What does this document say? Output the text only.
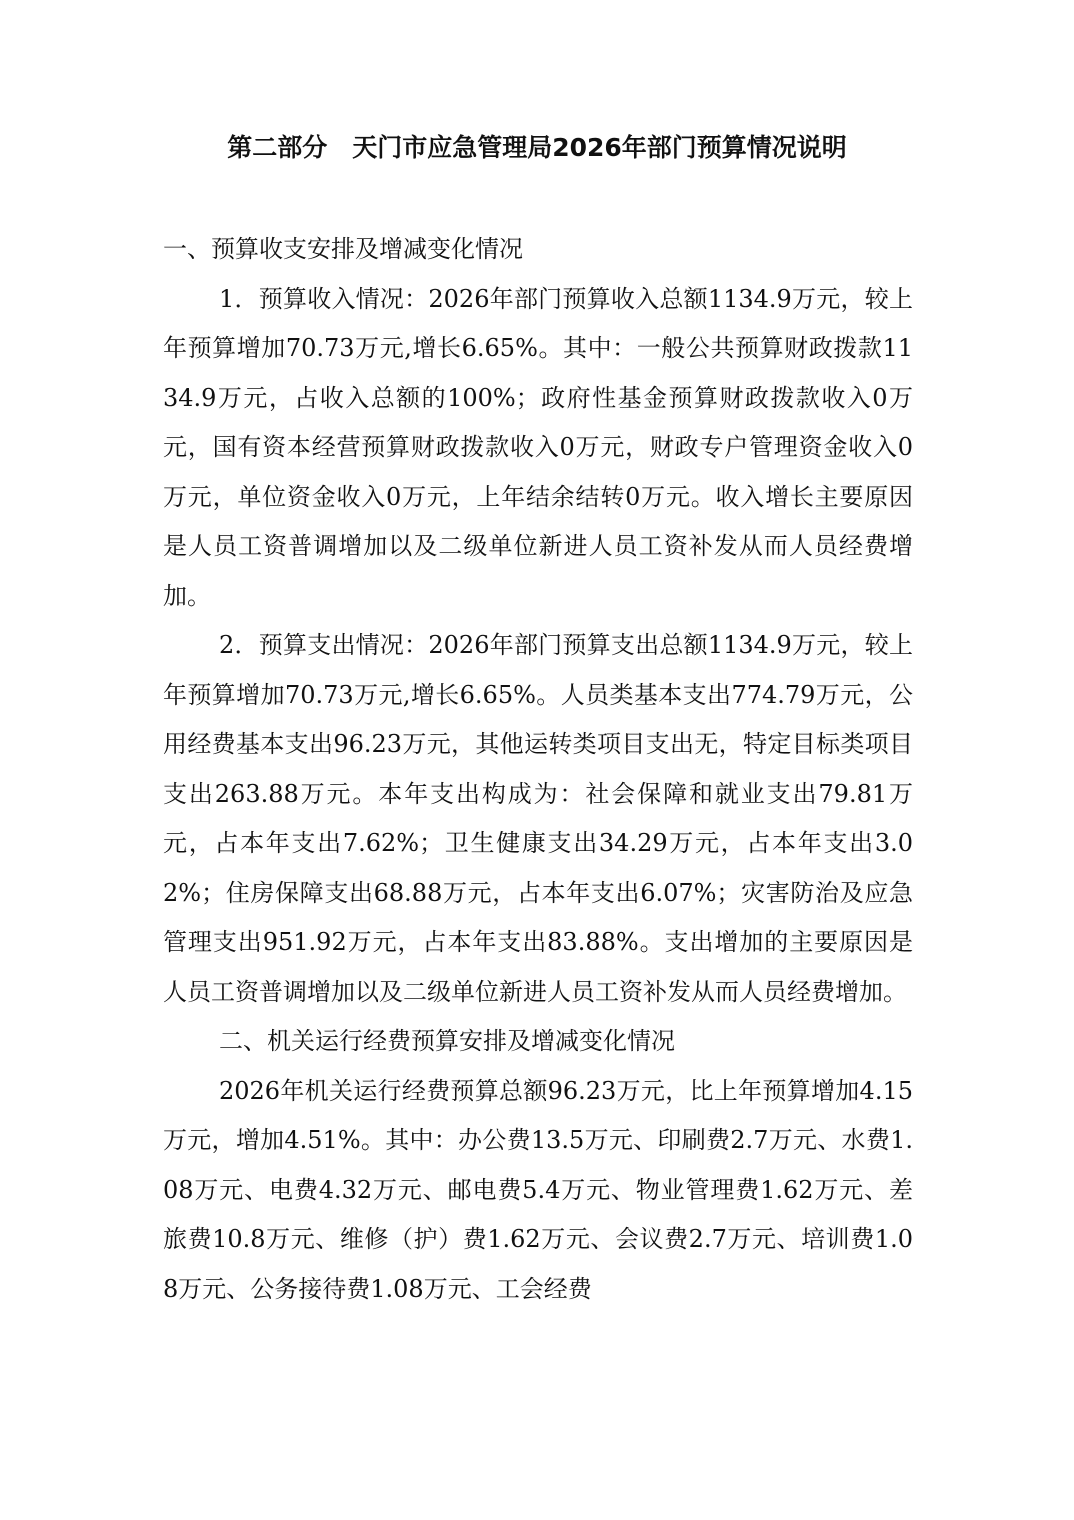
第二部分　天门市应急管理局2026年部门预算情况说明

一、预算收支安排及增减变化情况

1．预算收入情况：2026年部门预算收入总额1134.9万元，较上年预算增加70.73万元,增长6.65%。其中：一般公共预算财政拨款1134.9万元，占收入总额的100%；政府性基金预算财政拨款收入0万元，国有资本经营预算财政拨款收入0万元，财政专户管理资金收入0万元，单位资金收入0万元，上年结余结转0万元。收入增长主要原因是人员工资普调增加以及二级单位新进人员工资补发从而人员经费增加。

2．预算支出情况：2026年部门预算支出总额1134.9万元，较上年预算增加70.73万元,增长6.65%。人员类基本支出774.79万元，公用经费基本支出96.23万元，其他运转类项目支出无，特定目标类项目支出263.88万元。本年支出构成为：社会保障和就业支出79.81万元，占本年支出7.62%；卫生健康支出34.29万元，占本年支出3.02%；住房保障支出68.88万元，占本年支出6.07%；灾害防治及应急管理支出951.92万元，占本年支出83.88%。支出增加的主要原因是人员工资普调增加以及二级单位新进人员工资补发从而人员经费增加。

二、机关运行经费预算安排及增减变化情况

2026年机关运行经费预算总额96.23万元，比上年预算增加4.15万元，增加4.51%。其中：办公费13.5万元、印刷费2.7万元、水费1.08万元、电费4.32万元、邮电费5.4万元、物业管理费1.62万元、差旅费10.8万元、维修（护）费1.62万元、会议费2.7万元、培训费1.08万元、公务接待费1.08万元、工会经费
